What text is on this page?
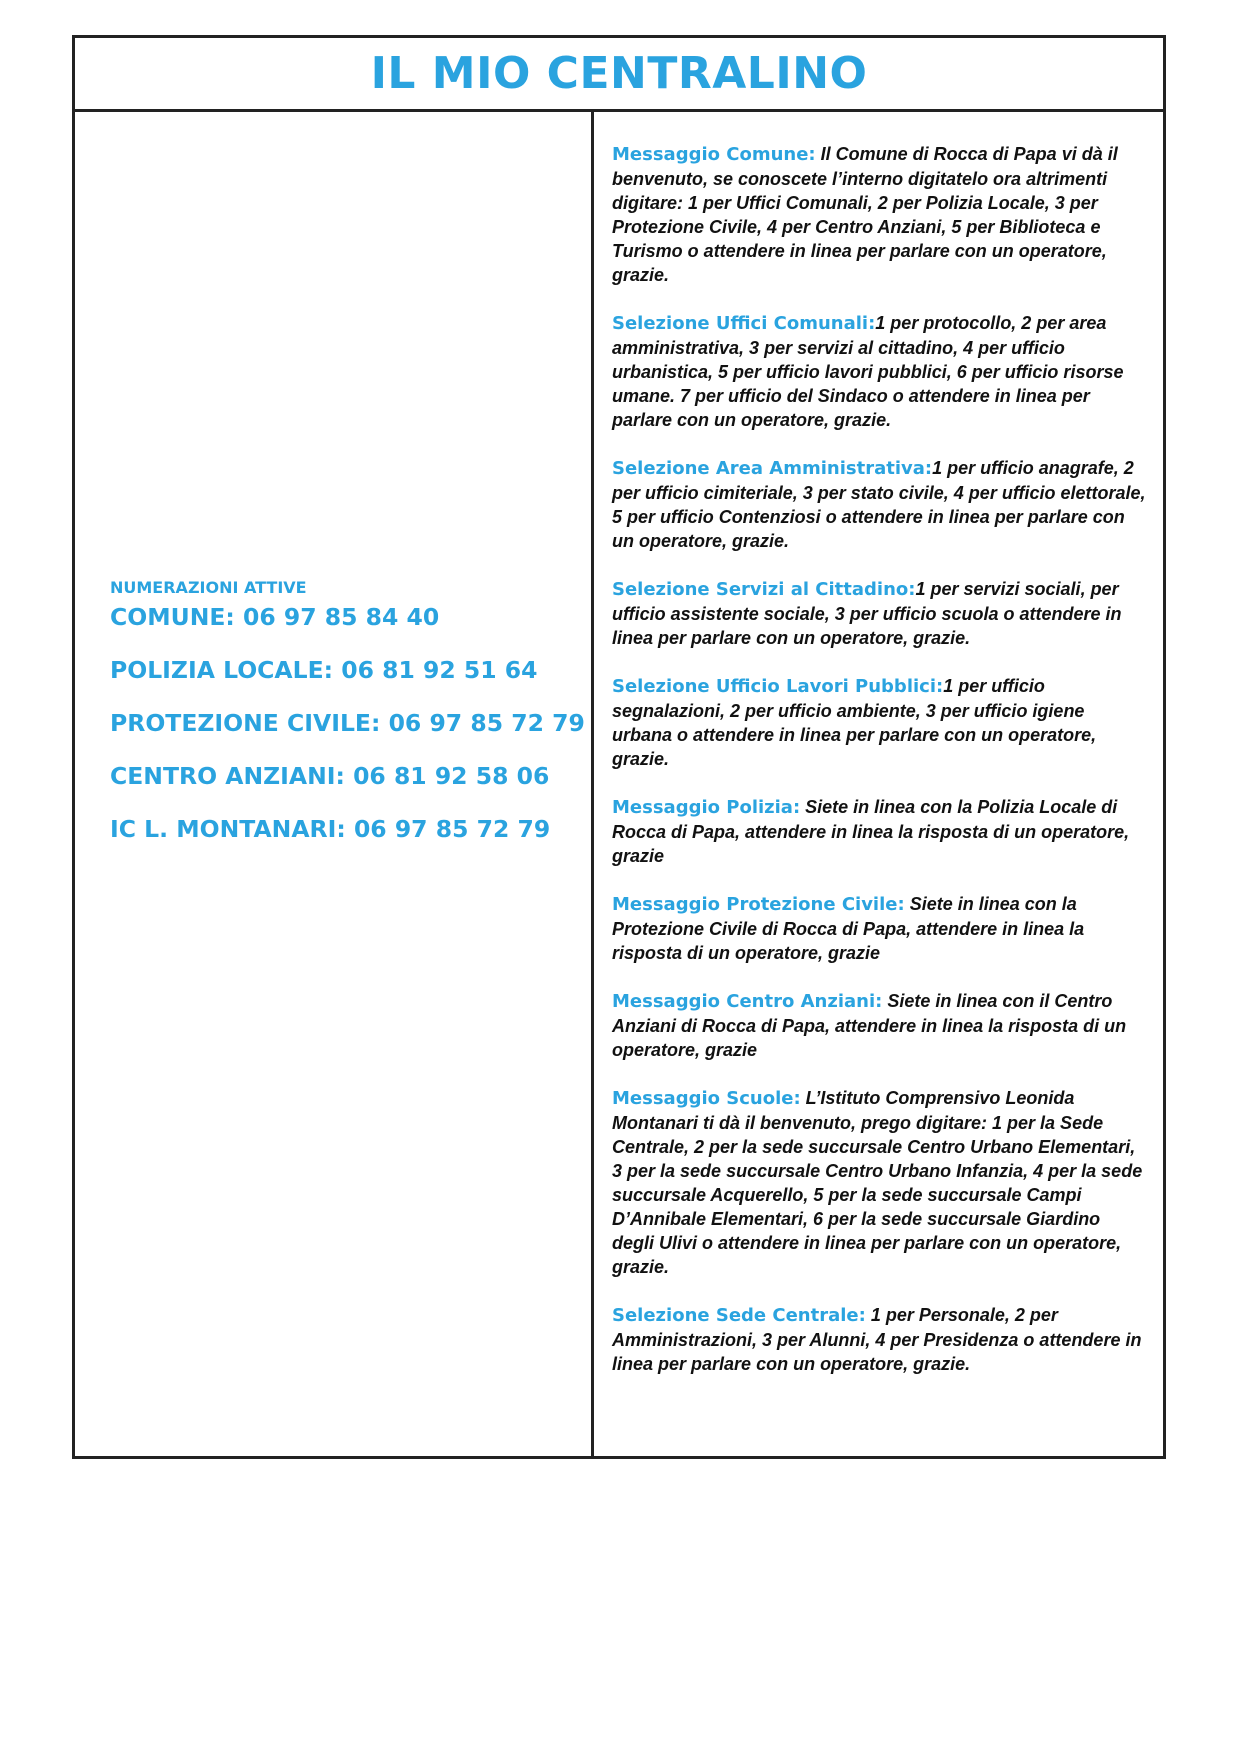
IL MIO CENTRALINO
NUMERAZIONI ATTIVE
COMUNE: 06 97 85 84 40
POLIZIA LOCALE: 06 81 92 51 64
PROTEZIONE CIVILE: 06 97 85 72 79
CENTRO ANZIANI: 06 81 92 58 06
IC L. MONTANARI: 06 97 85 72 79

Messaggio Comune: Il Comune di Rocca di Papa vi dà il benvenuto, se conoscete l’interno digitatelo ora altrimenti digitare: 1 per Uffici Comunali, 2 per Polizia Locale, 3 per Protezione Civile, 4 per Centro Anziani, 5 per Biblioteca e Turismo o attendere in linea per parlare con un operatore, grazie.

Selezione Uffici Comunali:1 per protocollo, 2 per area amministrativa, 3 per servizi al cittadino, 4 per ufficio urbanistica, 5 per ufficio lavori pubblici, 6 per ufficio risorse umane. 7 per ufficio del Sindaco o attendere in linea per parlare con un operatore, grazie.

Selezione Area Amministrativa:1 per ufficio anagrafe, 2 per ufficio cimiteriale, 3 per stato civile, 4 per ufficio elettorale, 5 per ufficio Contenziosi o attendere in linea per parlare con un operatore, grazie.

Selezione Servizi al Cittadino:1 per servizi sociali, per ufficio assistente sociale, 3 per ufficio scuola o attendere in linea per parlare con un operatore, grazie.

Selezione Ufficio Lavori Pubblici:1 per ufficio segnalazioni, 2 per ufficio ambiente, 3 per ufficio igiene urbana o attendere in linea per parlare con un operatore, grazie.

Messaggio Polizia: Siete in linea con la Polizia Locale di Rocca di Papa, attendere in linea la risposta di un operatore, grazie

Messaggio Protezione Civile: Siete in linea con la Protezione Civile di Rocca di Papa, attendere in linea la risposta di un operatore, grazie

Messaggio Centro Anziani: Siete in linea con il Centro Anziani di Rocca di Papa, attendere in linea la risposta di un operatore, grazie

Messaggio Scuole: L’Istituto Comprensivo Leonida Montanari ti dà il benvenuto, prego digitare: 1 per la Sede Centrale, 2 per la sede succursale Centro Urbano Elementari, 3 per la sede succursale Centro Urbano Infanzia, 4 per la sede succursale Acquerello, 5 per la sede succursale Campi D’Annibale Elementari, 6 per la sede succursale Giardino degli Ulivi o attendere in linea per parlare con un operatore, grazie.

Selezione Sede Centrale: 1 per Personale, 2 per Amministrazioni, 3 per Alunni, 4 per Presidenza o attendere in linea per parlare con un operatore, grazie.
